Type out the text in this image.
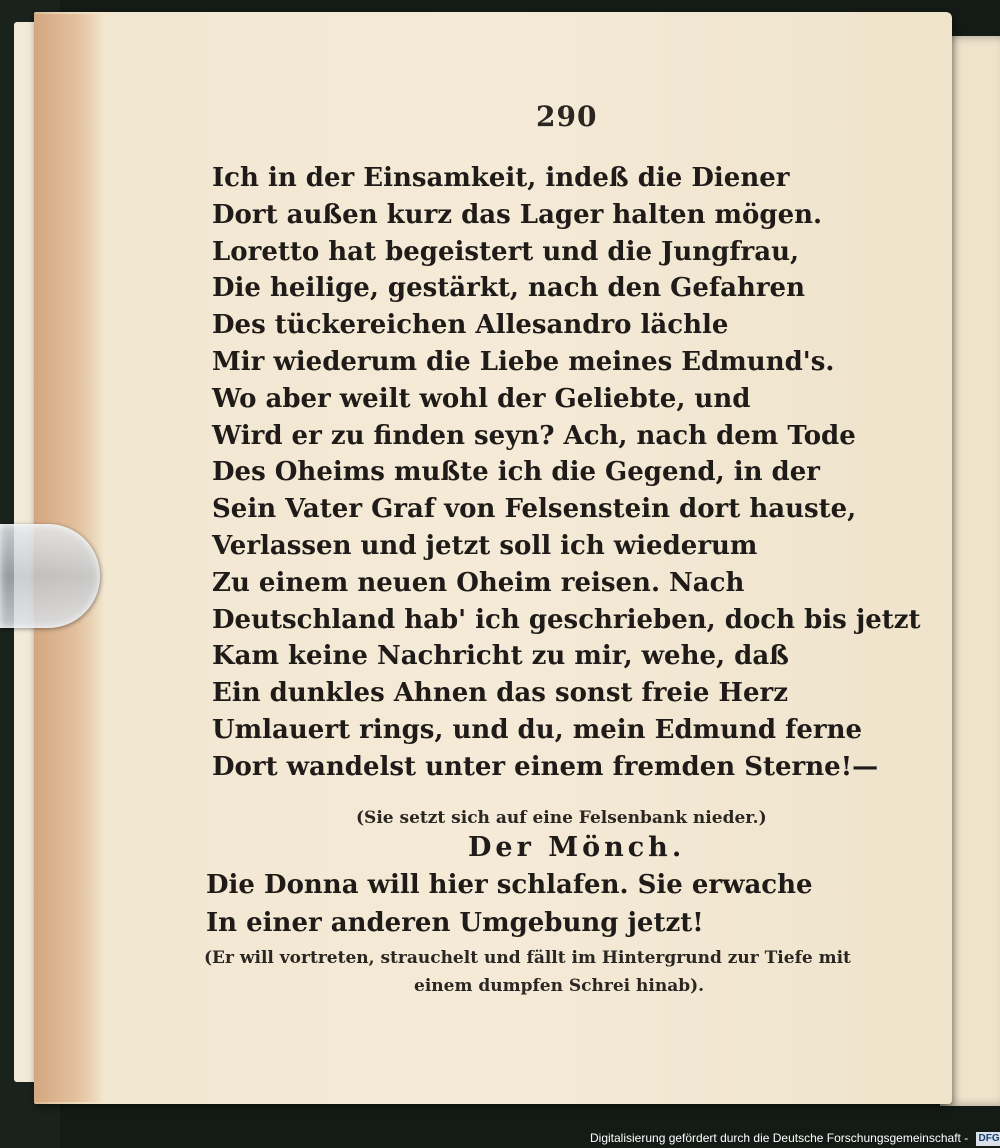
290
Ich in der Einsamkeit, indeß die Diener
Dort außen kurz das Lager halten mögen.
Loretto hat begeistert und die Jungfrau,
Die heilige, gestärkt, nach den Gefahren
Des tückereichen Allesandro lächle
Mir wiederum die Liebe meines Edmund's.
Wo aber weilt wohl der Geliebte, und
Wird er zu finden seyn? Ach, nach dem Tode
Des Oheims mußte ich die Gegend, in der
Sein Vater Graf von Felsenstein dort hauste,
Verlassen und jetzt soll ich wiederum
Zu einem neuen Oheim reisen. Nach
Deutschland hab' ich geschrieben, doch bis jetzt
Kam keine Nachricht zu mir, wehe, daß
Ein dunkles Ahnen das sonst freie Herz
Umlauert rings, und du, mein Edmund ferne
Dort wandelst unter einem fremden Sterne!—
(Sie setzt sich auf eine Felsenbank nieder.)
Der Mönch.
Die Donna will hier schlafen. Sie erwache
In einer anderen Umgebung jetzt!
(Er will vortreten, strauchelt und fällt im Hintergrund zur Tiefe mit
einem dumpfen Schrei hinab).
Digitalisierung gefördert durch die Deutsche Forschungsgemeinschaft - DFG
